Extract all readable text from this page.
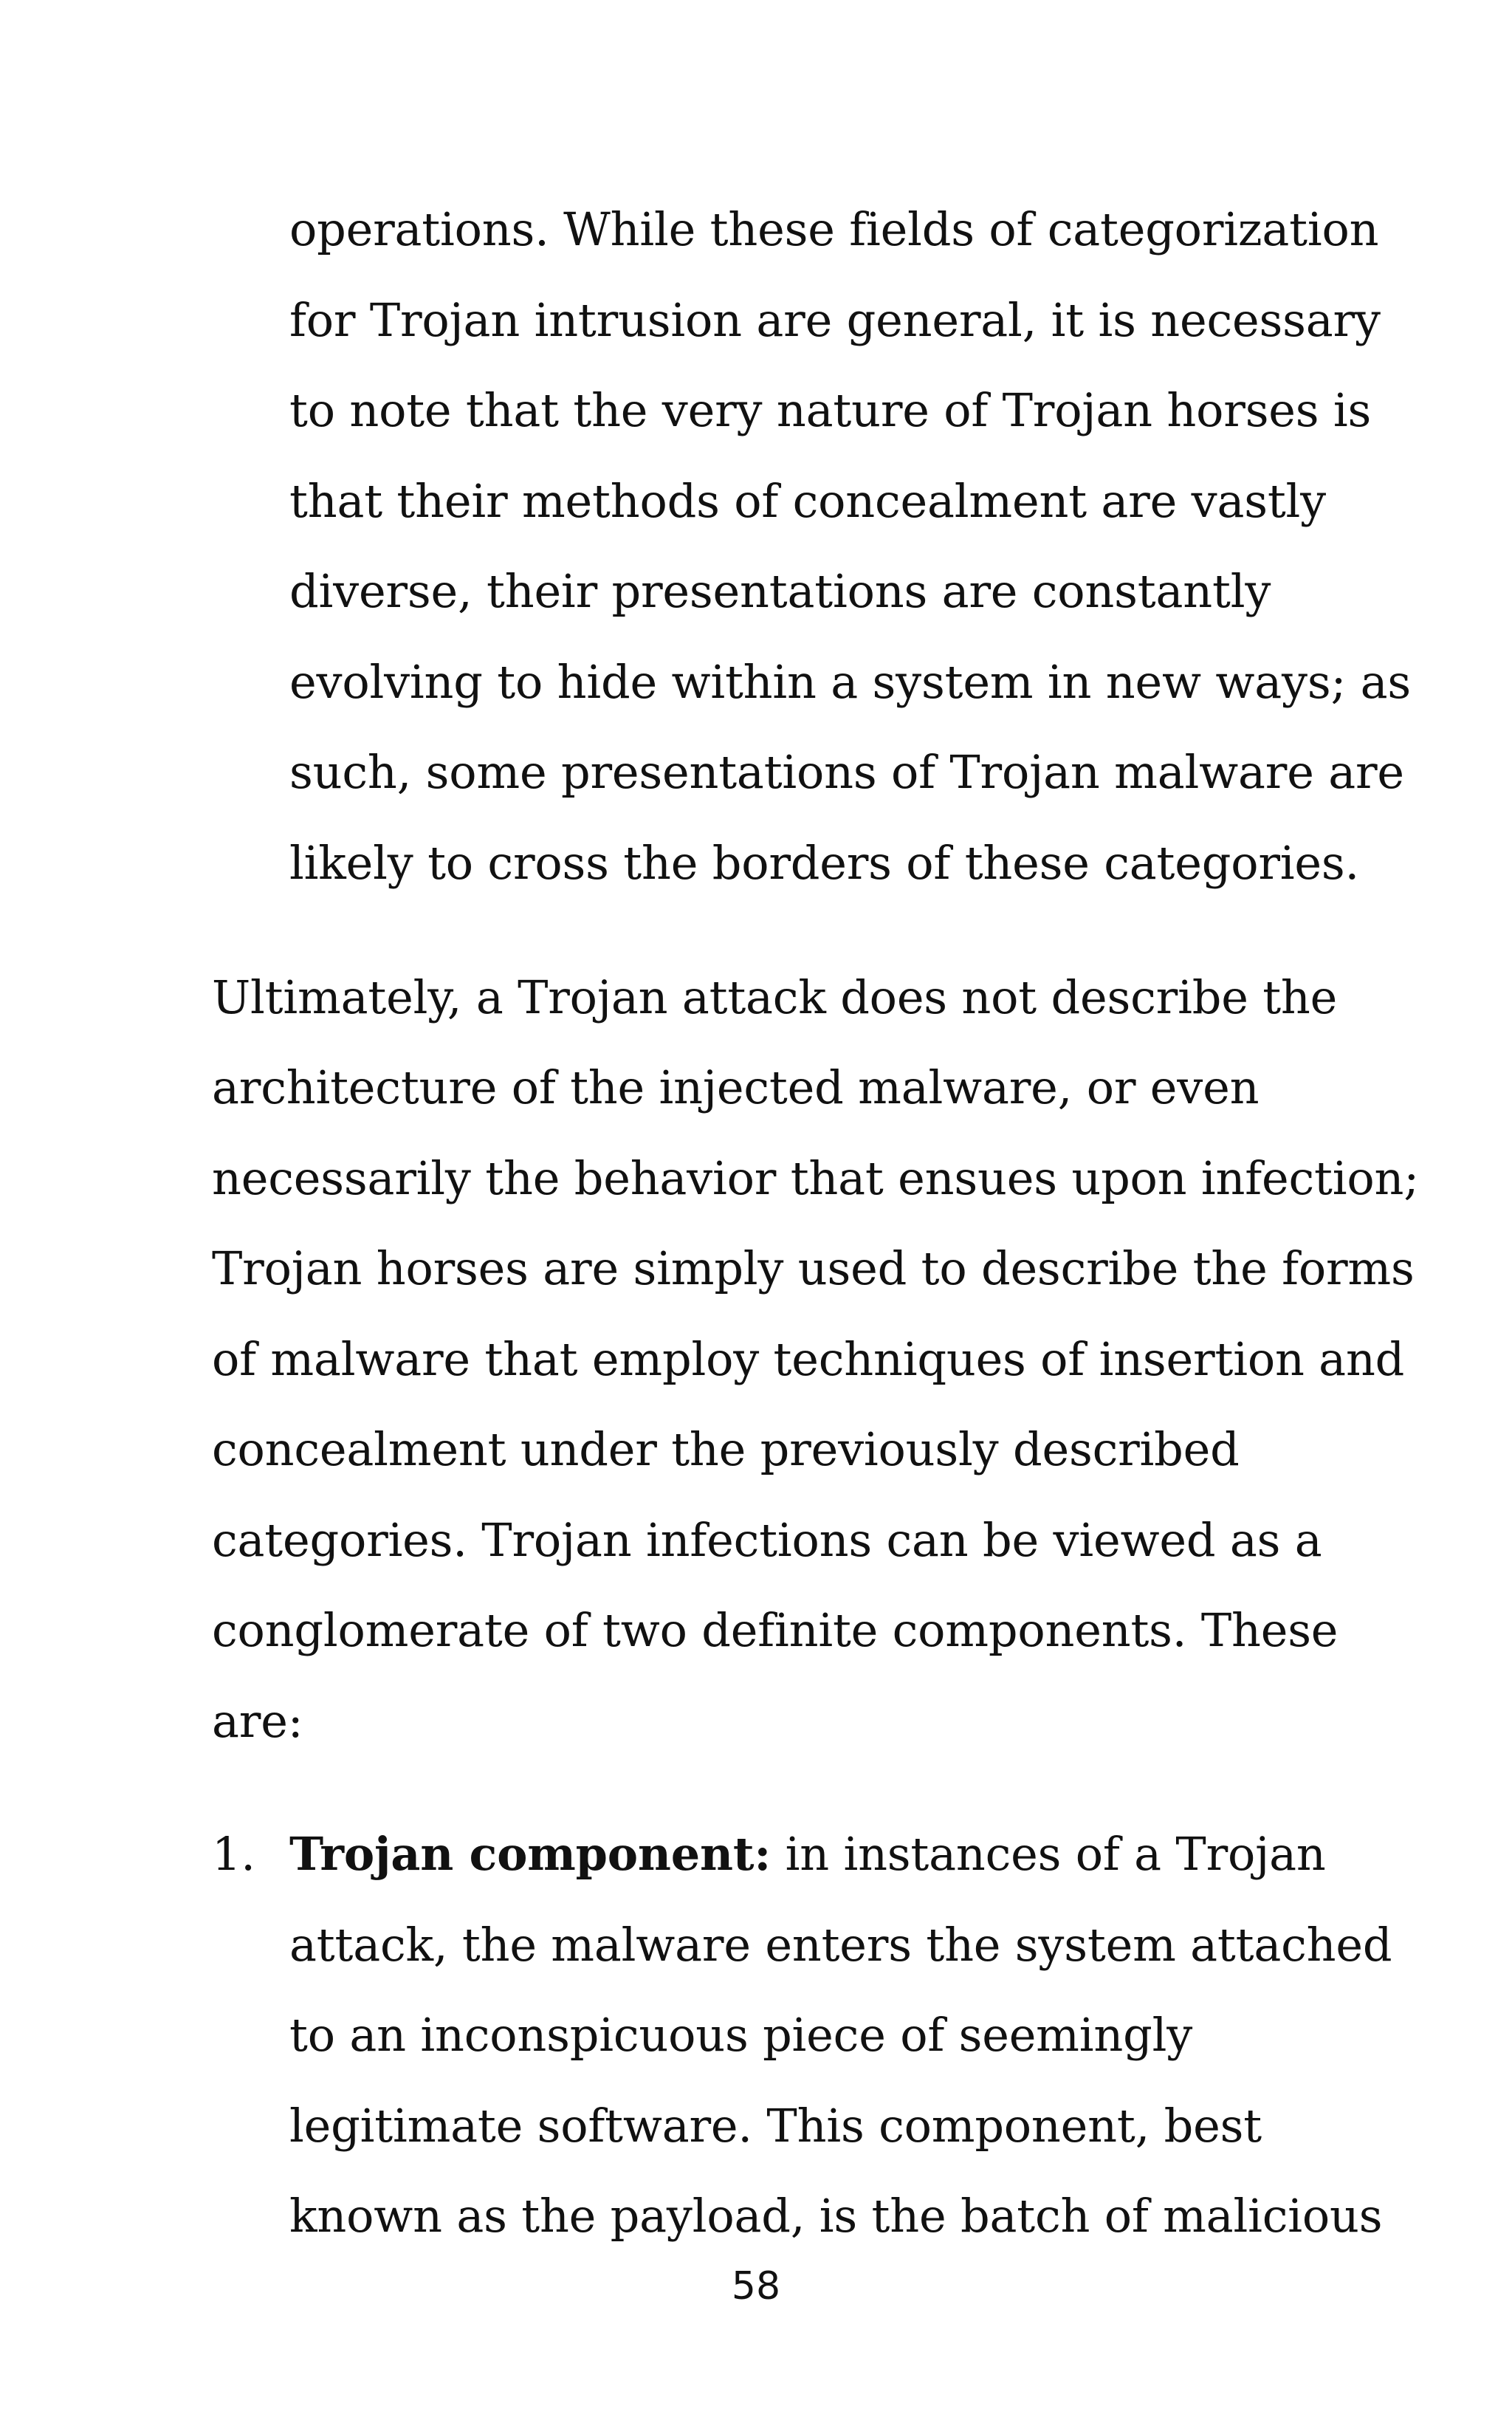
operations. While these fields of categorization
for Trojan intrusion are general, it is necessary
to note that the very nature of Trojan horses is
that their methods of concealment are vastly
diverse, their presentations are constantly
evolving to hide within a system in new ways; as
such, some presentations of Trojan malware are
likely to cross the borders of these categories.
Ultimately, a Trojan attack does not describe the
architecture of the injected malware, or even
necessarily the behavior that ensues upon infection;
Trojan horses are simply used to describe the forms
of malware that employ techniques of insertion and
concealment under the previously described
categories. Trojan infections can be viewed as a
conglomerate of two definite components. These
are:
1. Trojan component: in instances of a Trojan
attack, the malware enters the system attached
to an inconspicuous piece of seemingly
legitimate software. This component, best
known as the payload, is the batch of malicious
58
